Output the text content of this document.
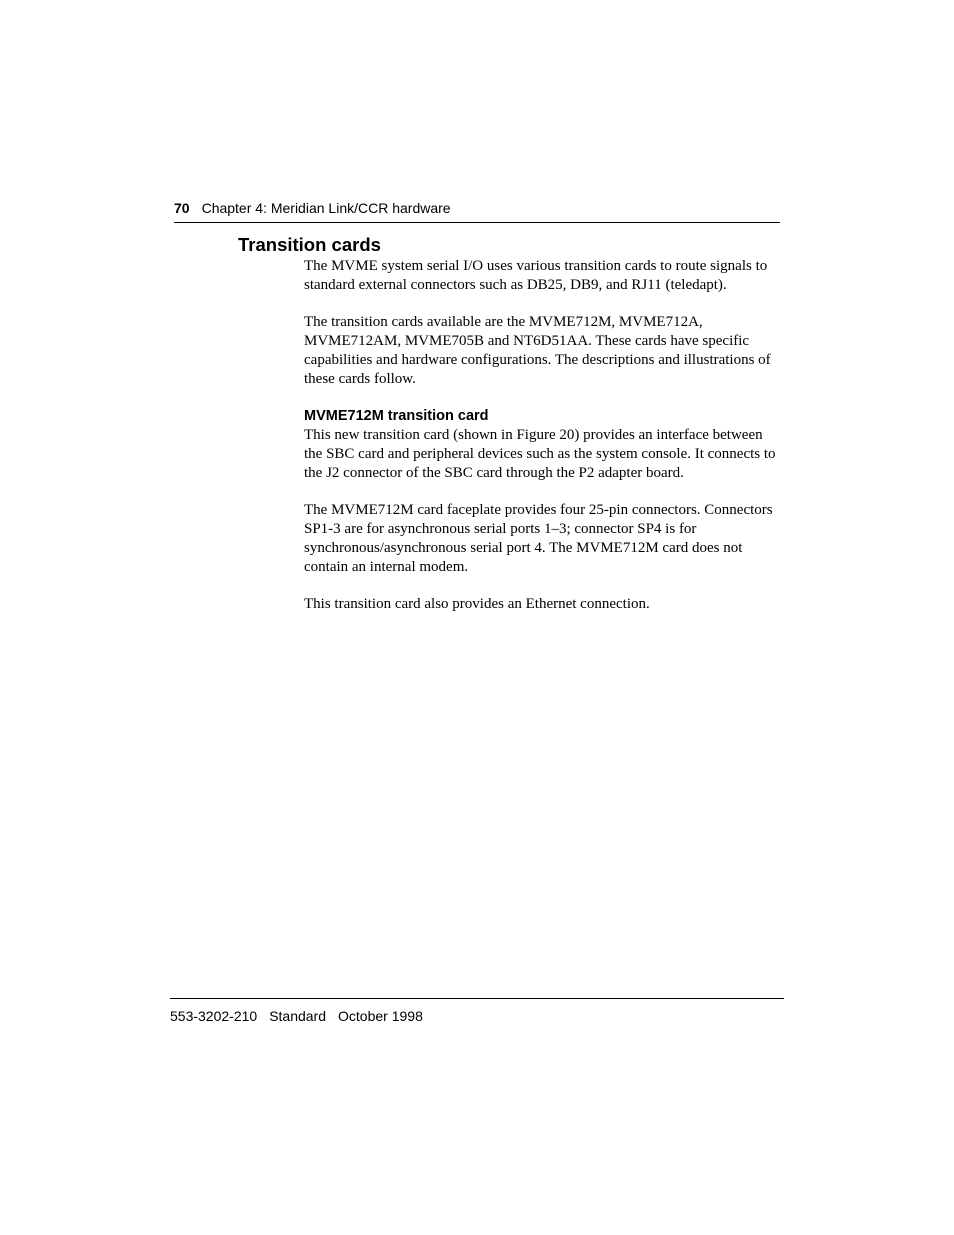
70 Chapter 4: Meridian Link/CCR hardware
Transition cards

The MVME system serial I/O uses various transition cards to route signals to standard external connectors such as DB25, DB9, and RJ11 (teledapt).

The transition cards available are the MVME712M, MVME712A, MVME712AM, MVME705B and NT6D51AA. These cards have specific capabilities and hardware configurations. The descriptions and illustrations of these cards follow.

MVME712M transition card

This new transition card (shown in Figure 20) provides an interface between the SBC card and peripheral devices such as the system console. It connects to the J2 connector of the SBC card through the P2 adapter board.

The MVME712M card faceplate provides four 25-pin connectors. Connectors SP1-3 are for asynchronous serial ports 1–3; connector SP4 is for synchronous/asynchronous serial port 4. The MVME712M card does not contain an internal modem.

This transition card also provides an Ethernet connection.

553-3202-210 Standard October 1998
